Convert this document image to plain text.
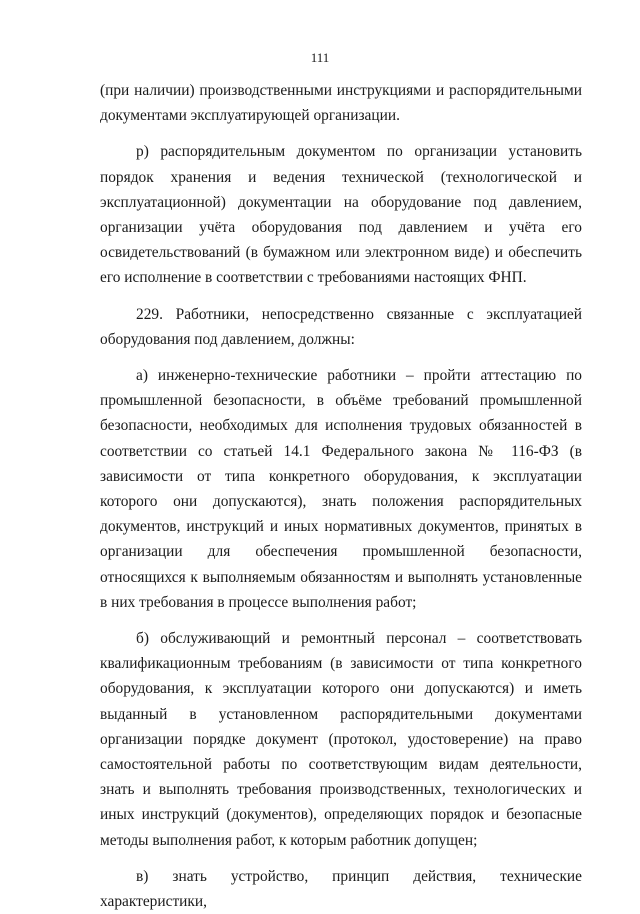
111

(при наличии) производственными инструкциями и распорядительными документами эксплуатирующей организации.

р) распорядительным документом по организации установить порядок хранения и ведения технической (технологической и эксплуатационной) документации на оборудование под давлением, организации учёта оборудования под давлением и учёта его освидетельствований (в бумажном или электронном виде) и обеспечить его исполнение в соответствии с требованиями настоящих ФНП.

229. Работники, непосредственно связанные с эксплуатацией оборудования под давлением, должны:

а) инженерно-технические работники – пройти аттестацию по промышленной безопасности, в объёме требований промышленной безопасности, необходимых для исполнения трудовых обязанностей в соответствии со статьей 14.1 Федерального закона № 116-ФЗ (в зависимости от типа конкретного оборудования, к эксплуатации которого они допускаются), знать положения распорядительных документов, инструкций и иных нормативных документов, принятых в организации для обеспечения промышленной безопасности, относящихся к выполняемым обязанностям и выполнять установленные в них требования в процессе выполнения работ;

б) обслуживающий и ремонтный персонал – соответствовать квалификационным требованиям (в зависимости от типа конкретного оборудования, к эксплуатации которого они допускаются) и иметь выданный в установленном распорядительными документами организации порядке документ (протокол, удостоверение) на право самостоятельной работы по соответствующим видам деятельности, знать и выполнять требования производственных, технологических и иных инструкций (документов), определяющих порядок и безопасные методы выполнения работ, к которым работник допущен;

в) знать устройство, принцип действия, технические характеристики,
